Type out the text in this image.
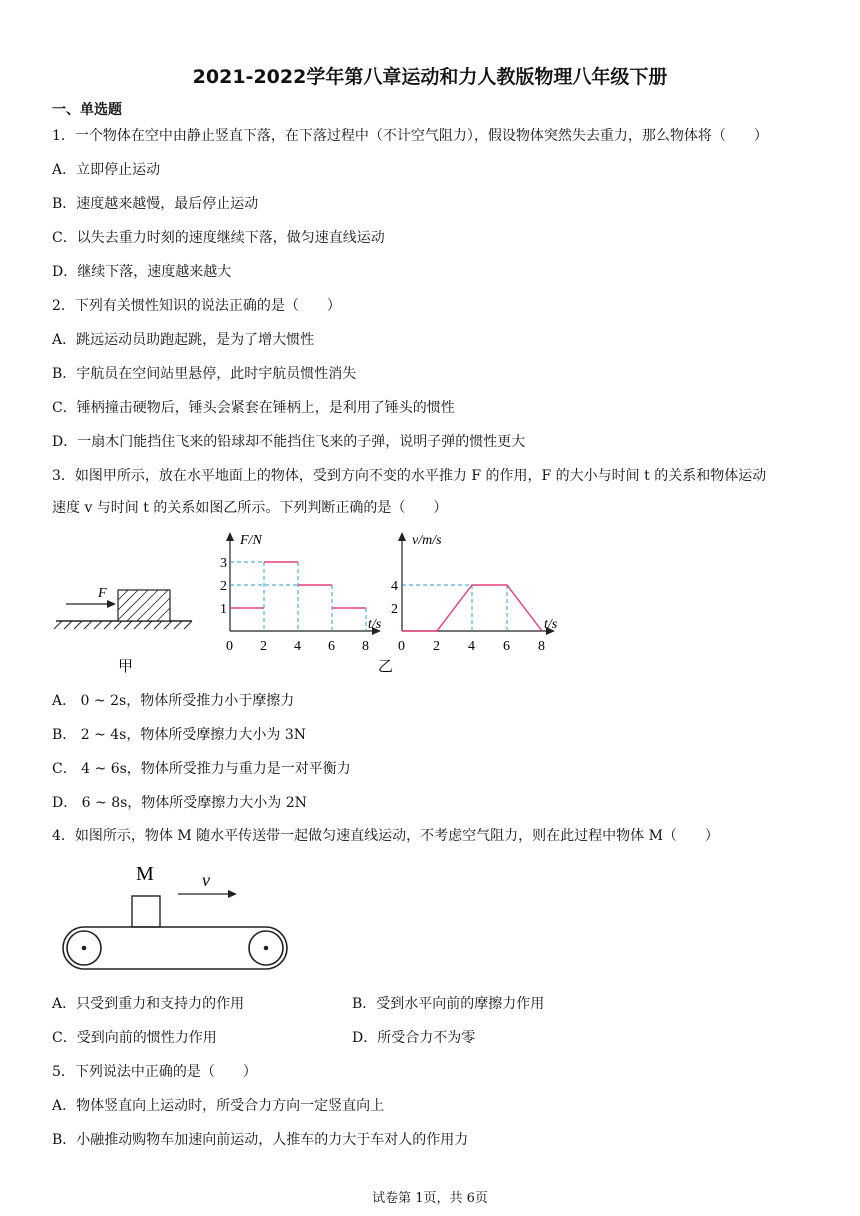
2021-2022学年第八章运动和力人教版物理八年级下册
一、单选题
1．一个物体在空中由静止竖直下落，在下落过程中（不计空气阻力），假设物体突然失去重力，那么物体将（　　）
A．立即停止运动
B．速度越来越慢，最后停止运动
C．以失去重力时刻的速度继续下落，做匀速直线运动
D．继续下落，速度越来越大
2．下列有关惯性知识的说法正确的是（　　）
A．跳远运动员助跑起跳，是为了增大惯性
B．宇航员在空间站里悬停，此时宇航员惯性消失
C．锤柄撞击硬物后，锤头会紧套在锤柄上，是利用了锤头的惯性
D．一扇木门能挡住飞来的铅球却不能挡住飞来的子弹，说明子弹的惯性更大
3．如图甲所示，放在水平地面上的物体，受到方向不变的水平推力 F 的作用，F 的大小与时间 t 的关系和物体运动
速度 v 与时间 t 的关系如图乙所示。下列判断正确的是（　　）
F
甲
F/N
t/s
1
2
3
0 2 4 6 8
v/m/s
t/s
2
4
0 2 4 6 8
乙
A． 0 ~ 2s，物体所受推力小于摩擦力
B． 2 ~ 4s，物体所受摩擦力大小为 3N
C． 4 ~ 6s，物体所受推力与重力是一对平衡力
D． 6 ~ 8s，物体所受摩擦力大小为 2N
4．如图所示，物体 M 随水平传送带一起做匀速直线运动，不考虑空气阻力，则在此过程中物体 M（　　）
M	v
A．只受到重力和支持力的作用	B．受到水平向前的摩擦力作用
C．受到向前的惯性力作用	D．所受合力不为零
5．下列说法中正确的是（　　）
A．物体竖直向上运动时，所受合力方向一定竖直向上
B．小融推动购物车加速向前运动，人推车的力大于车对人的作用力
试卷第 1页，共 6页
